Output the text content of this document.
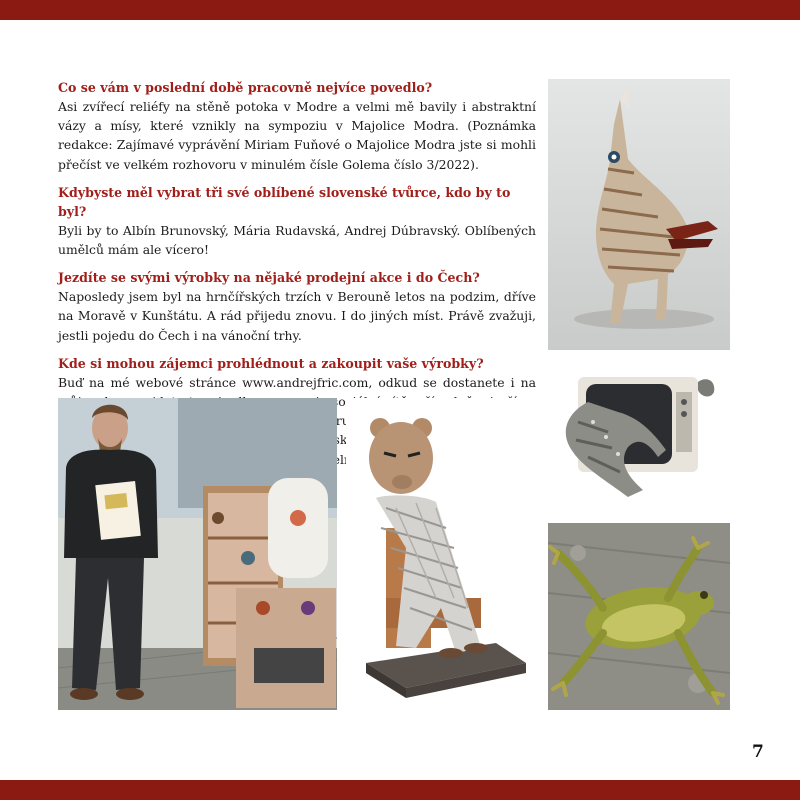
Co se vám v poslední době pracovně nejvíce povedlo?

Asi zvířecí reliéfy na stěně potoka v Modre a velmi mě bavily i abstraktní vázy a mísy, které vznikly na sympoziu v Majolice Modra. (Poznámka redakce: Zajímavé vyprávění Miriam Fuňové o Majolice Modra jste si mohli přečíst ve velkém rozhovoru v minulém čísle Golema číslo 3/2022).

Kdybyste měl vybrat tři své oblíbené slovenské tvůrce, kdo by to byl?

Byli by to Albín Brunovský, Mária Rudavská, Andrej Dúbravský. Oblíbených umělců mám ale vícero!

Jezdíte se svými výrobky na nějaké prodejní akce i do Čech?

Naposledy jsem byl na hrnčířských trzích v Berouně letos na podzim, dříve na Moravě v Kunštátu. A rád přijedu znovu. I do jiných míst. Právě zvažuji, jestli pojedu do Čech i na vánoční trhy.

Kde si mohou zájemci prohlédnout a zakoupit vaše výrobky?

Buď na mé webové stránce www.andrejfric.com, odkud se dostanete i na

7
